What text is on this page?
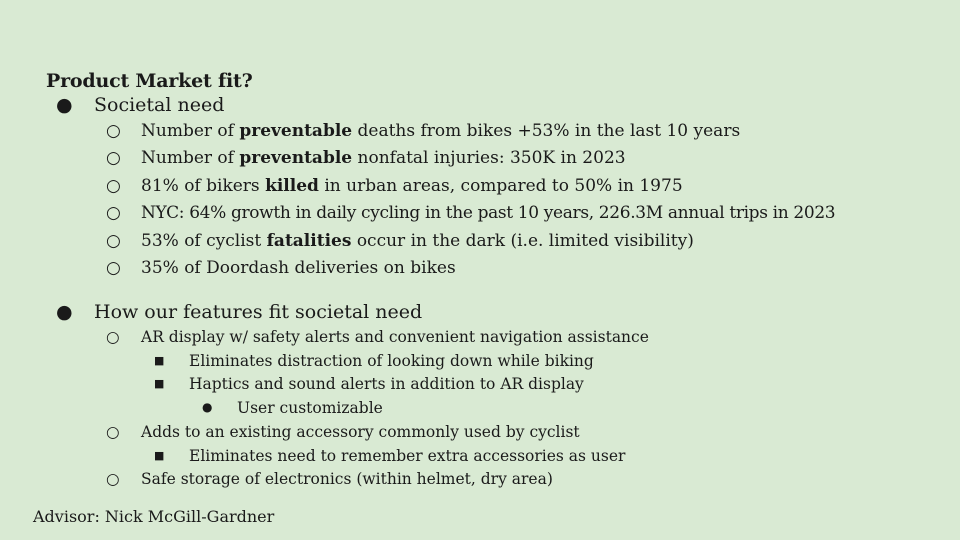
Product Market fit?
● Societal need
○ Number of preventable deaths from bikes +53% in the last 10 years
○ Number of preventable nonfatal injuries: 350K in 2023
○ 81% of bikers killed in urban areas, compared to 50% in 1975
○ NYC: 64% growth in daily cycling in the past 10 years, 226.3M annual trips in 2023
○ 53% of cyclist fatalities occur in the dark (i.e. limited visibility)
○ 35% of Doordash deliveries on bikes
● How our features fit societal need
○ AR display w/ safety alerts and convenient navigation assistance
■ Eliminates distraction of looking down while biking
■ Haptics and sound alerts in addition to AR display
● User customizable
○ Adds to an existing accessory commonly used by cyclist
■ Eliminates need to remember extra accessories as user
○ Safe storage of electronics (within helmet, dry area)
Advisor: Nick McGill-Gardner
